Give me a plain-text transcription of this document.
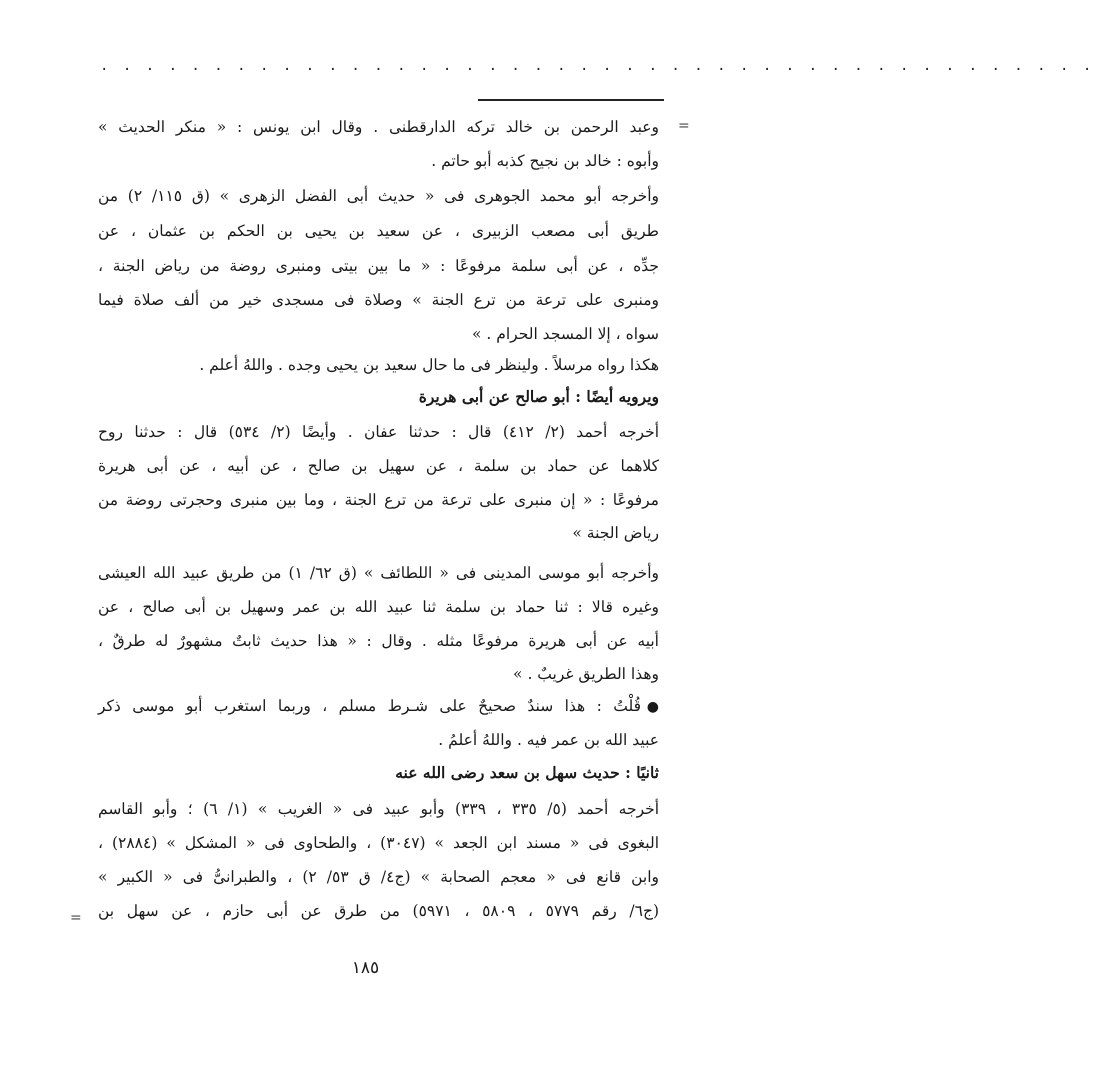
. . . . . . . . . . . . . . . . . . . . . . . . . . . . . . . . . . . . . . . . . . . .
=
=
وعبد الرحمن بن خالد تركه الدارقطنى . وقال ابن يونس : « منكر الحديث »
وأبوه : خالد بن نجيح كذبه أبو حاتم .
وأخرجه أبو محمد الجوهرى فى « حديث أبى الفضل الزهرى » (ق ١١٥/ ٢) من
طريق أبى مصعب الزبيرى ، عن سعيد بن يحيى بن الحكم بن عثمان ، عن
جدِّه ، عن أبى سلمة مرفوعًا : « ما بين بيتى ومنبرى روضة من رياض الجنة ،
ومنبرى على ترعة من ترع الجنة » وصلاة فى مسجدى خير من ألف صلاة فيما
سواه ، إلا المسجد الحرام . »
هكذا رواه مرسلاً . ولينظر فى ما حال سعيد بن يحيى وجده . واللهُ أعلم .
ويرويه أيضًا : أبو صالح عن أبى هريرة
أخرجه أحمد (٢/ ٤١٢) قال : حدثنا عفان . وأيضًا (٢/ ٥٣٤) قال : حدثنا روح
كلاهما عن حماد بن سلمة ، عن سهيل بن صالح ، عن أبيه ، عن أبى هريرة
مرفوعًا : « إن منبرى على ترعة من ترع الجنة ، وما بين منبرى وحجرتى روضة من
رياض الجنة »
وأخرجه أبو موسى المدينى فى « اللطائف » (ق ٦٢/ ١) من طريق عبيد الله العيشى
وغيره قالا : ثنا حماد بن سلمة ثنا عبيد الله بن عمر وسهيل بن أبى صالح ، عن
أبيه عن أبى هريرة مرفوعًا مثله . وقال : « هذا حديث ثابتٌ مشهورٌ له طرقٌ ،
وهذا الطريق غريبٌ . »
قُلْتُ : هذا سندٌ صحيحٌ على شـرط مسلم ، وربما استغرب أبو موسى ذكر ●
عبيد الله بن عمر فيه . واللهُ أعلمُ .
ثانيًا : حديث سهل بن سعد رضى الله عنه
أخرجه أحمد (٥/ ٣٣٥ ، ٣٣٩) وأبو عبيد فى « الغريب » (١/ ٦) ؛ وأبو القاسم
البغوى فى « مسند ابن الجعد » (٣٠٤٧) ، والطحاوى فى « المشكل » (٢٨٨٤) ،
وابن قانع فى « معجم الصحابة » (ج٤/ ق ٥٣/ ٢) ، والطبرانىُّ فى « الكبير »
(ج٦/ رقم ٥٧٧٩ ، ٥٨٠٩ ، ٥٩٧١) من طرق عن أبى حازم ، عن سهل بن
١٨٥
